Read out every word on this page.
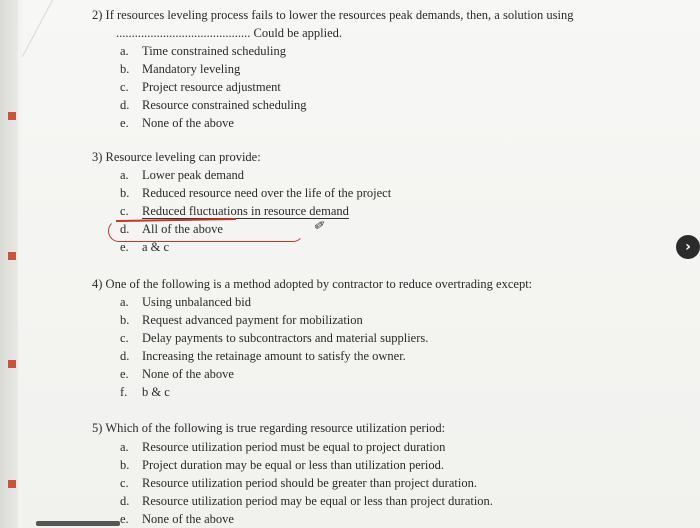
2) If resources leveling process fails to lower the resources peak demands, then, a solution using
........................................... Could be applied.
a. Time constrained scheduling
b. Mandatory leveling
c. Project resource adjustment
d. Resource constrained scheduling
e. None of the above
3) Resource leveling can provide:
a. Lower peak demand
b. Reduced resource need over the life of the project
c. Reduced fluctuations in resource demand
d. All of the above
e. a & c
✐
4) One of the following is a method adopted by contractor to reduce overtrading except:
a. Using unbalanced bid
b. Request advanced payment for mobilization
c. Delay payments to subcontractors and material suppliers.
d. Increasing the retainage amount to satisfy the owner.
e. None of the above
f. b & c
5) Which of the following is true regarding resource utilization period:
a. Resource utilization period must be equal to project duration
b. Project duration may be equal or less than utilization period.
c. Resource utilization period should be greater than project duration.
d. Resource utilization period may be equal or less than project duration.
e. None of the above
›
